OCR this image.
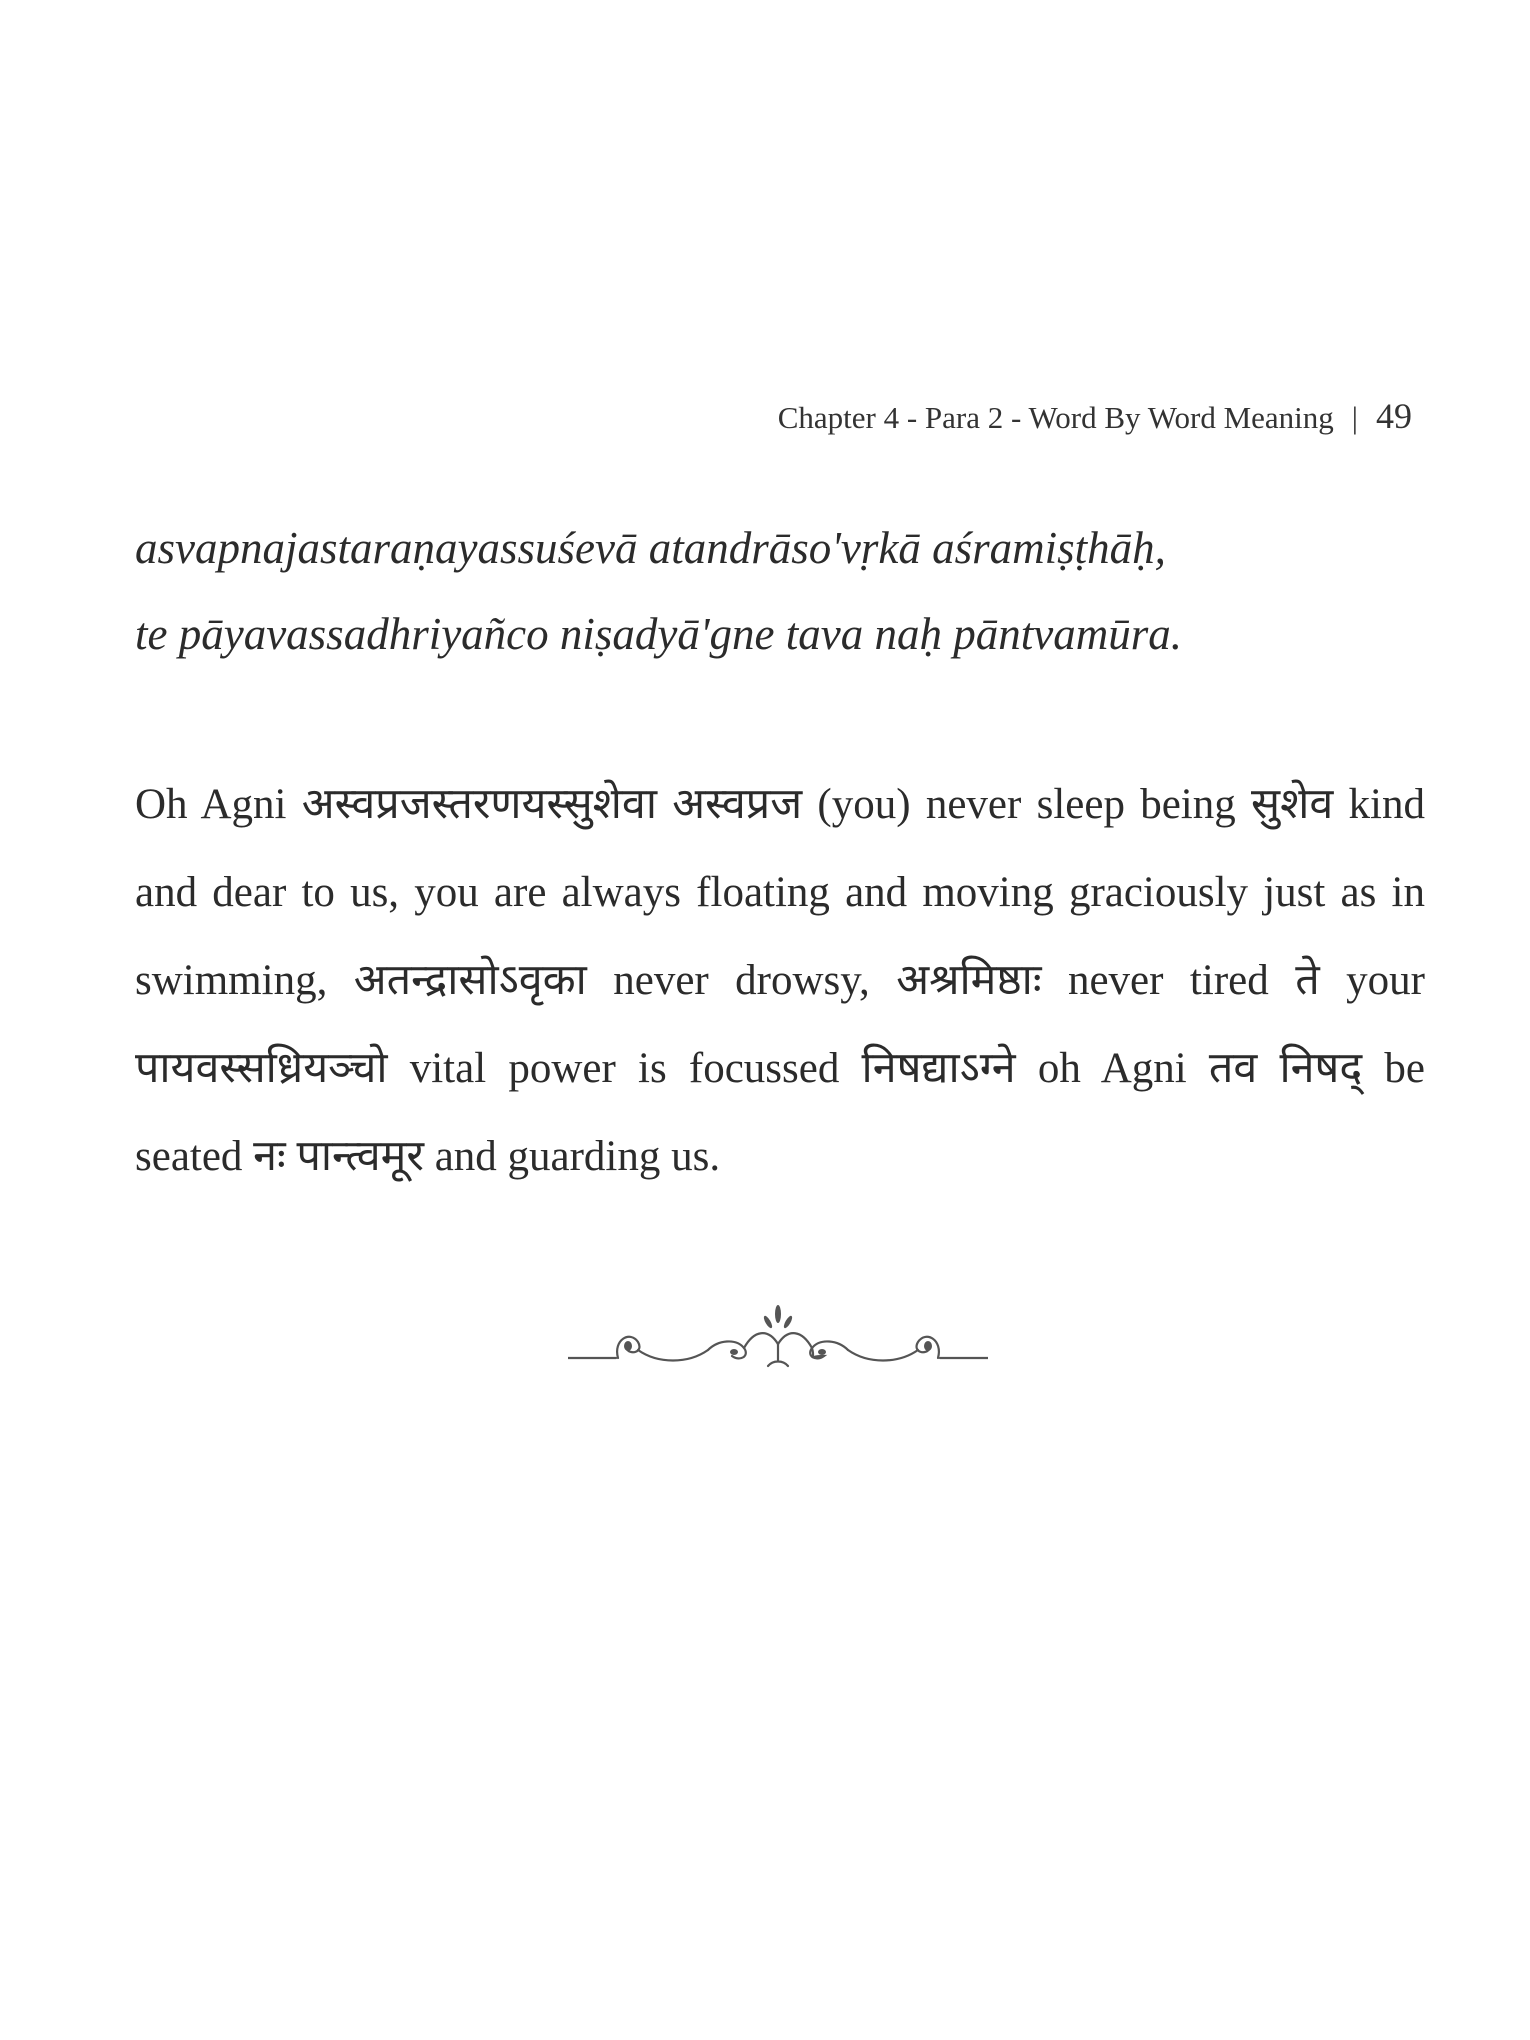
Chapter 4 - Para 2 - Word By Word Meaning | 49
asvapnajastaraṇayassuśevā atandrāso'vṛkā aśramiṣṭhāḥ,
te pāyavassadhriyañco niṣadyā'gne tava naḥ pāntvamūra.

Oh Agni अस्वप्रजस्तरणयस्सुशेवा अस्वप्रज (you) never sleep being सुशेव kind and dear to us, you are always floating and moving graciously just as in swimming, अतन्द्रासोऽवृका never drowsy, अश्रमिष्ठाः never tired ते your पायवस्सध्रियञ्चो vital power is focussed निषद्याऽग्ने oh Agni तव निषद् be seated नः पान्त्वमूर and guarding us.
